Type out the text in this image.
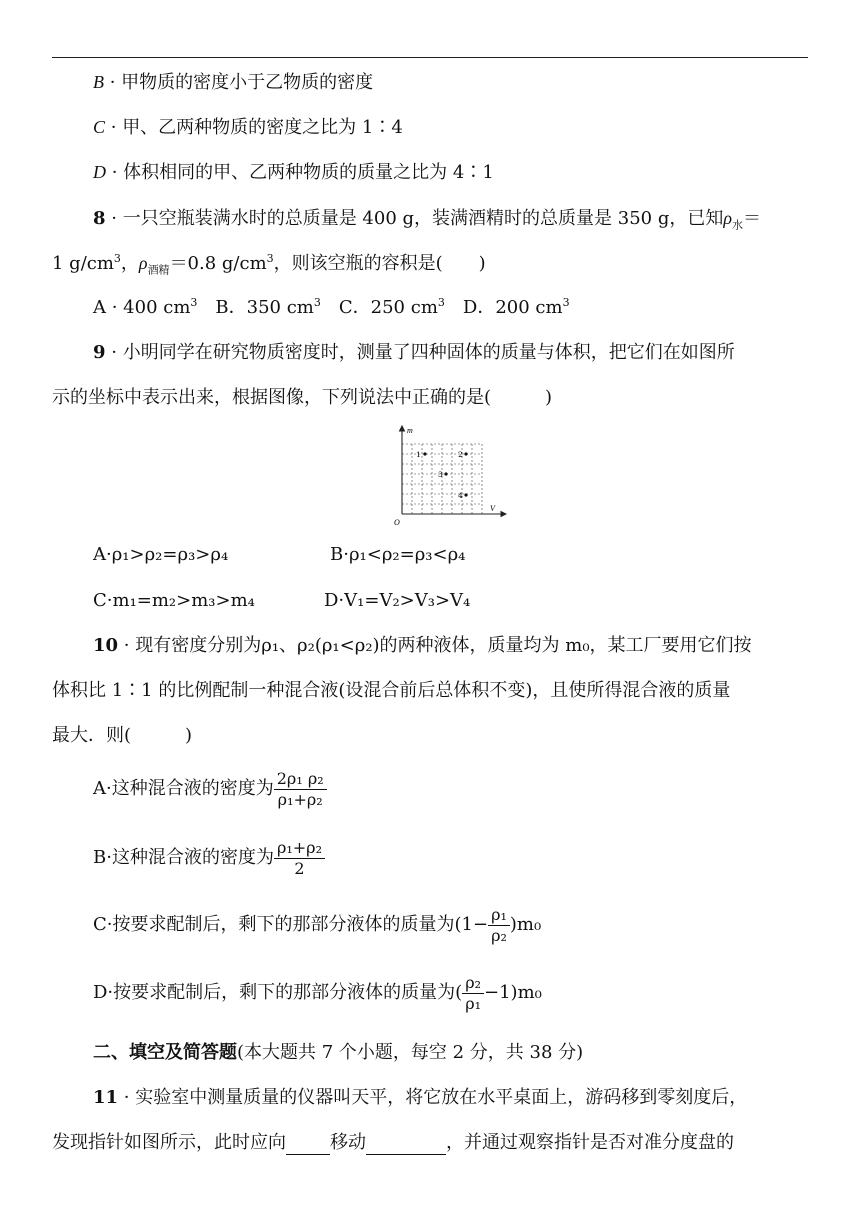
B · 甲物质的密度小于乙物质的密度
C · 甲、乙两种物质的密度之比为 1∶4
D · 体积相同的甲、乙两种物质的质量之比为 4∶1
8 · 一只空瓶装满水时的总质量是 400 g，装满酒精时的总质量是 350 g，已知$\rho_水=$
1 $g/cm^3$，$\rho_{酒精}=0.8$ $g/cm^3$，则该空瓶的容积是(　　)
A · 400 $cm^3$　 B．350 $cm^3$　 C．250 $cm^3$　 D．200 $cm^3$
9 · 小明同学在研究物质密度时，测量了四种固体的质量与体积，把它们在如图所
示的坐标中表示出来，根据图像，下列说法中正确的是(　　　)
m
V
O
1	2
3
4
A·ρ₁>ρ₂=ρ₃>ρ₄	B·ρ₁<ρ₂=ρ₃<ρ₄
C·m₁=m₂>m₃>m₄	D·V₁=V₂>V₃>V₄
10 · 现有密度分别为ρ₁、ρ₂(ρ₁<ρ₂)的两种液体，质量均为 m₀，某工厂要用它们按
体积比 1∶1 的比例配制一种混合液(设混合前后总体积不变)，且使所得混合液的质量
最大．则(　　　)
A·这种混合液的密度为 $\frac{\text{2ρ₁ ρ₂}}{\text{ρ₁+ρ₂}}$
B·这种混合液的密度为 $\frac{\text{ρ₁+ρ₂}}{2}$
C·按要求配制后，剩下的那部分液体的质量为$(1- \frac{\text{ρ₁}}{\text{ρ₂}} )m_0$
D·按要求配制后，剩下的那部分液体的质量为( $\frac{\text{ρ₂}}{\text{ρ₁}} -1)m_0$
二、填空及简答题(本大题共 7 个小题，每空 2 分，共 38 分)
11 · 实验室中测量质量的仪器叫天平，将它放在水平桌面上，游码移到零刻度后，
发现指针如图所示，此时应向 移动	，并通过观察指针是否对准分度盘的
